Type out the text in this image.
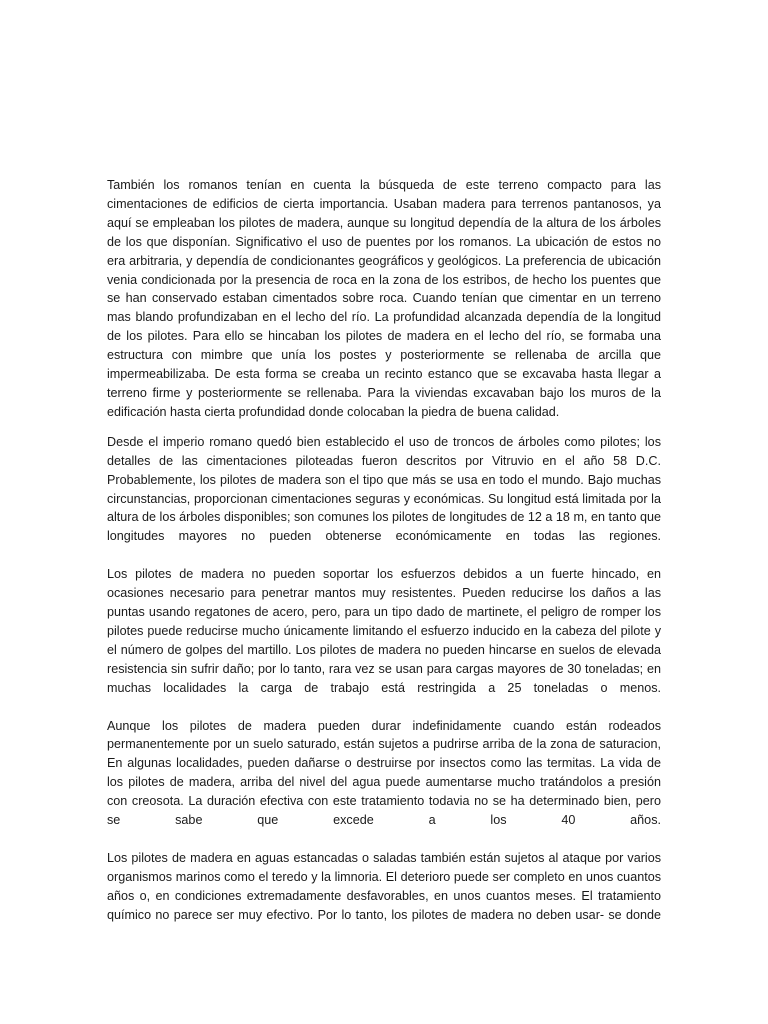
También los romanos tenían en cuenta la búsqueda de este terreno compacto para las cimentaciones de edificios de cierta importancia. Usaban madera para terrenos pantanosos, ya aquí se empleaban los pilotes de madera, aunque su longitud dependía de la altura de los árboles de los que disponían. Significativo el uso de puentes por los romanos. La ubicación de estos no era arbitraria, y dependía de condicionantes geográficos y geológicos. La preferencia de ubicación venia condicionada por la presencia de roca en la zona de los estribos, de hecho los puentes que se han conservado estaban cimentados sobre roca. Cuando tenían que cimentar en un terreno mas blando profundizaban en el lecho del río. La profundidad alcanzada dependía de la longitud de los pilotes. Para ello se hincaban los pilotes de madera en el lecho del río, se formaba una estructura con mimbre que unía los postes y posteriormente se rellenaba de arcilla que impermeabilizaba. De esta forma se creaba un recinto estanco que se excavaba hasta llegar a terreno firme y posteriormente se rellenaba. Para la viviendas excavaban bajo los muros de la edificación hasta cierta profundidad donde colocaban la piedra de buena calidad.

Desde el imperio romano quedó bien establecido el uso de troncos de árboles como pilotes; los detalles de las cimentaciones piloteadas fueron descritos por Vitruvio en el año 58 D.C. Probablemente, los pilotes de madera son el tipo que más se usa en todo el mundo. Bajo muchas circunstancias, proporcionan cimentaciones seguras y económicas. Su longitud está limitada por la altura de los árboles disponibles; son comunes los pilotes de longitudes de 12 a 18 m, en tanto que longitudes mayores no pueden obtenerse económicamente en todas las regiones.

Los pilotes de madera no pueden soportar los esfuerzos debidos a un fuerte hincado, en ocasiones necesario para penetrar mantos muy resistentes. Pueden reducirse los daños a las puntas usando regatones de acero, pero, para un tipo dado de martinete, el peligro de romper los pilotes puede reducirse mucho únicamente limitando el esfuerzo inducido en la cabeza del pilote y el número de golpes del martillo. Los pilotes de madera no pueden hincarse en suelos de elevada resistencia sin sufrir daño; por lo tanto, rara vez se usan para cargas mayores de 30 toneladas; en muchas localidades la carga de trabajo está restringida a 25 toneladas o menos.

Aunque los pilotes de madera pueden durar indefinidamente cuando están rodeados permanentemente por un suelo saturado, están sujetos a pudrirse arriba de la zona de saturacion, En algunas localidades, pueden dañarse o destruirse por insectos como las termitas. La vida de los pilotes de madera, arriba del nivel del agua puede aumentarse mucho tratándolos a presión con creosota. La duración efectiva con este tratamiento todavia no se ha determinado bien, pero se sabe que excede a los 40 años.

Los pilotes de madera en aguas estancadas o saladas también están sujetos al ataque por varios organismos marinos como el teredo y la limnoria. El deterioro puede ser completo en unos cuantos años o, en condiciones extremadamente desfavorables, en unos cuantos meses. El tratamiento químico no parece ser muy efectivo. Por lo tanto, los pilotes de madera no deben usar- se donde
